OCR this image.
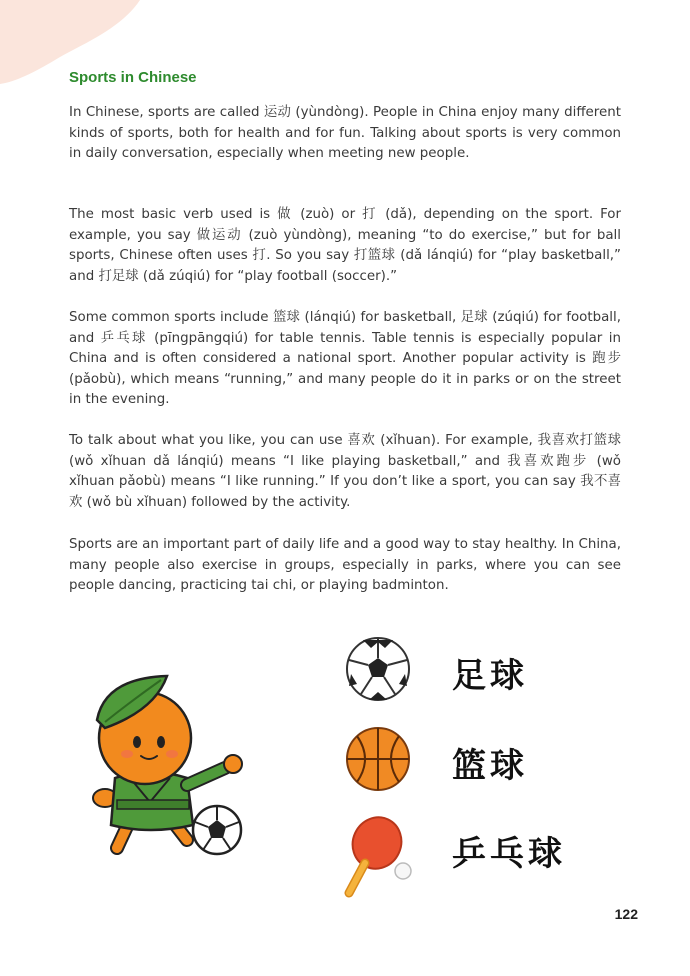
Sports in Chinese

In Chinese, sports are called 运动 (yùndòng). People in China enjoy many different kinds of sports, both for health and for fun. Talking about sports is very common in daily conversation, especially when meeting new people.

The most basic verb used is 做 (zuò) or 打 (dǎ), depending on the sport. For example, you say 做运动 (zuò yùndòng), meaning “to do exercise,” but for ball sports, Chinese often uses 打. So you say 打篮球 (dǎ lánqiú) for “play basketball,” and 打足球 (dǎ zúqiú) for “play football (soccer).”

Some common sports include 篮球 (lánqiú) for basketball, 足球 (zúqiú) for football, and 乒乓球 (pīngpāngqiú) for table tennis. Table tennis is especially popular in China and is often considered a national sport. Another popular activity is 跑步 (pǎobù), which means “running,” and many people do it in parks or on the street in the evening.

To talk about what you like, you can use 喜欢 (xǐhuan). For example, 我喜欢打篮球 (wǒ xǐhuan dǎ lánqiú) means “I like playing basketball,” and 我喜欢跑步 (wǒ xǐhuan pǎobù) means “I like running.” If you don’t like a sport, you can say 我不喜欢 (wǒ bù xǐhuan) followed by the activity.

Sports are an important part of daily life and a good way to stay healthy. In China, many people also exercise in groups, especially in parks, where you can see people dancing, practicing tai chi, or playing badminton.

足球
篮球
乒乓球
122
